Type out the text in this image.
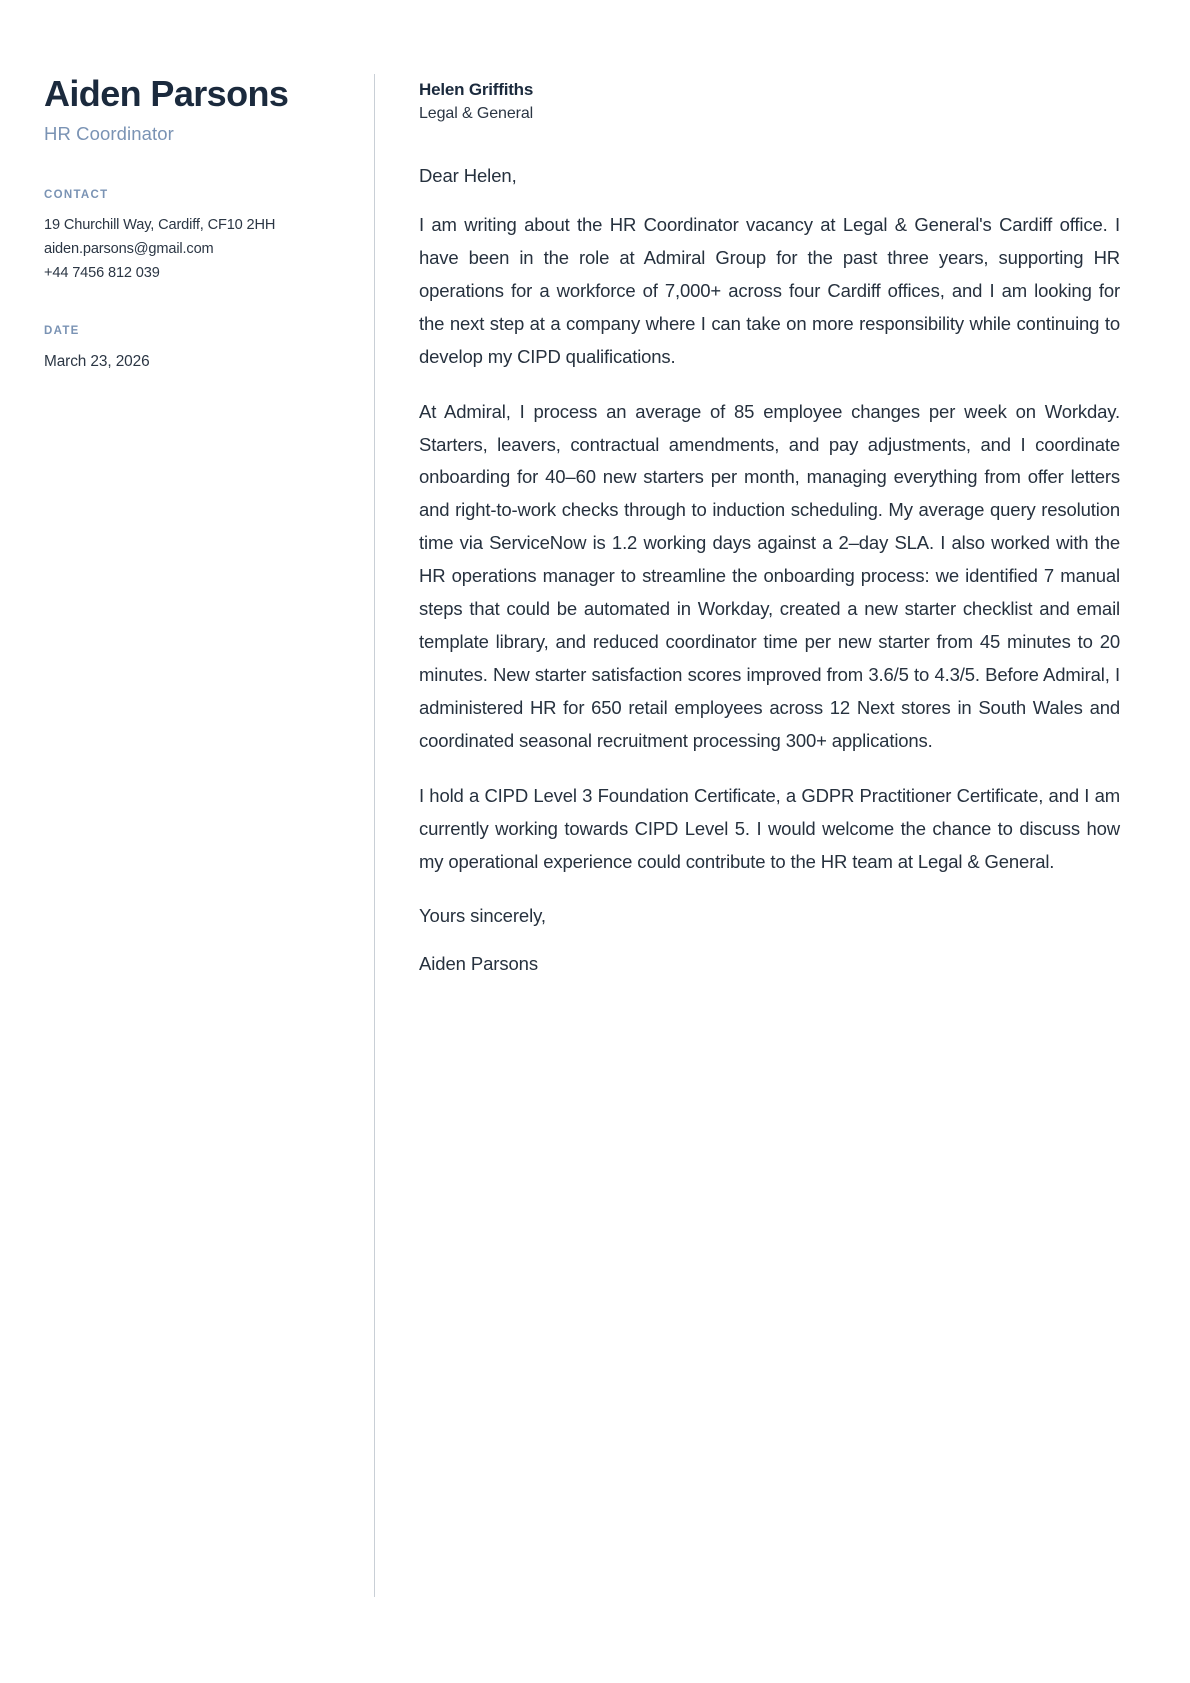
Aiden Parsons
HR Coordinator
CONTACT
19 Churchill Way, Cardiff, CF10 2HH
aiden.parsons@gmail.com
+44 7456 812 039
DATE
March 23, 2026
Helen Griffiths
Legal & General

Dear Helen,

I am writing about the HR Coordinator vacancy at Legal & General's Cardiff office. I have been in the role at Admiral Group for the past three years, supporting HR operations for a workforce of 7,000+ across four Cardiff offices, and I am looking for the next step at a company where I can take on more responsibility while continuing to develop my CIPD qualifications.

At Admiral, I process an average of 85 employee changes per week on Workday. Starters, leavers, contractual amendments, and pay adjustments, and I coordinate onboarding for 40–60 new starters per month, managing everything from offer letters and right-to-work checks through to induction scheduling. My average query resolution time via ServiceNow is 1.2 working days against a 2–day SLA. I also worked with the HR operations manager to streamline the onboarding process: we identified 7 manual steps that could be automated in Workday, created a new starter checklist and email template library, and reduced coordinator time per new starter from 45 minutes to 20 minutes. New starter satisfaction scores improved from 3.6/5 to 4.3/5. Before Admiral, I administered HR for 650 retail employees across 12 Next stores in South Wales and coordinated seasonal recruitment processing 300+ applications.

I hold a CIPD Level 3 Foundation Certificate, a GDPR Practitioner Certificate, and I am currently working towards CIPD Level 5. I would welcome the chance to discuss how my operational experience could contribute to the HR team at Legal & General.

Yours sincerely,

Aiden Parsons
